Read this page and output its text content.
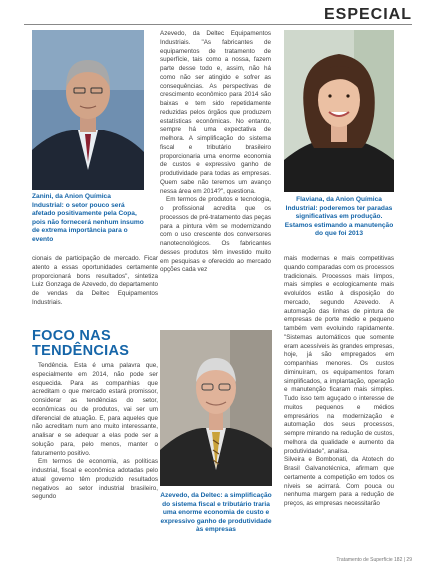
ESPECIAL
Zanini, da Anion Química Industrial: o setor pouco será afetado positivamente pela Copa, pois não fornecerá nenhum insumo de extrema importância para o evento
Flaviana, da Anion Química Industrial: poderemos ter paradas significativas em produção. Estamos estimando a manutenção do que foi 2013

cionais de participação de mercado. Ficar atento a essas oportunidades certamente proporcionará bons resultados", sintetiza Luiz Gonzaga de Azevedo, do departamento de vendas da Deltec Equipamentos Industriais.

FOCO NAS TENDÊNCIAS

Tendência. Esta é uma palavra que, especialmente em 2014, não pode ser esquecida. Para as companhias que acreditam o que mercado estará promissor, considerar as tendências do setor, econômicas ou de produtos, vai ser um diferencial de atuação. E, para aqueles que não acreditam num ano muito interessante, analisar e se adequar a elas pode ser a solução para, pelo menos, manter o faturamento positivo.

Em termos de economia, as políticas industrial, fiscal e econômica adotadas pelo atual governo têm produzido resultados negativos ao setor industrial brasileiro, segundo

Azevedo, da Deltec Equipamentos Industriais. "As fabricantes de equipamentos de tratamento de superfície, tais como a nossa, fazem parte desse todo e, assim, não há como não ser atingido e sofrer as consequências. As perspectivas de crescimento econômico para 2014 são baixas e tem sido repetidamente reduzidas pelos órgãos que produzem estatísticas econômicas. No entanto, sempre há uma expectativa de melhora. A simplificação do sistema fiscal e tributário brasileiro proporcionaria uma enorme economia de custos e expressivo ganho de produtividade para todas as empresas. Quem sabe não teremos um avanço nessa área em 2014?", questiona.

Em termos de produtos e tecnologia, o profissional acredita que os processos de pré-tratamento das peças para a pintura vêm se modernizando com o uso crescente dos conversores nanotecnológicos. Os fabricantes desses produtos têm investido muito em pesquisas e oferecido ao mercado opções cada vez

Azevedo, da Deltec: a simplificação do sistema fiscal e tributário traria uma enorme economia de custo e expressivo ganho de produtividade às empresas

mais modernas e mais competitivas quando comparadas com os processos tradicionais. Processos mais limpos, mais simples e ecologicamente mais evoluídos estão à disposição do mercado, segundo Azevedo. A automação das linhas de pintura de empresas de porte médio e pequeno também vem evoluindo rapidamente. "Sistemas automáticos que somente eram acessíveis às grandes empresas, hoje, já são empregados em companhias menores. Os custos diminuíram, os equipamentos foram simplificados, a implantação, operação e manutenção ficaram mais simples. Tudo isso tem aguçado o interesse de muitos pequenos e médios empresários na modernização e automação dos seus processos, sempre mirando na redução de custos, melhora da qualidade e aumento da produtividade", analisa.

Silveira e Bombonati, da Atotech do Brasil Galvanotécnica, afirmam que certamente a competição em todos os níveis se acirrará. Com pouca ou nenhuma margem para a redução de preços, as empresas necessitarão

Tratamento de Superfície 182 | 29
